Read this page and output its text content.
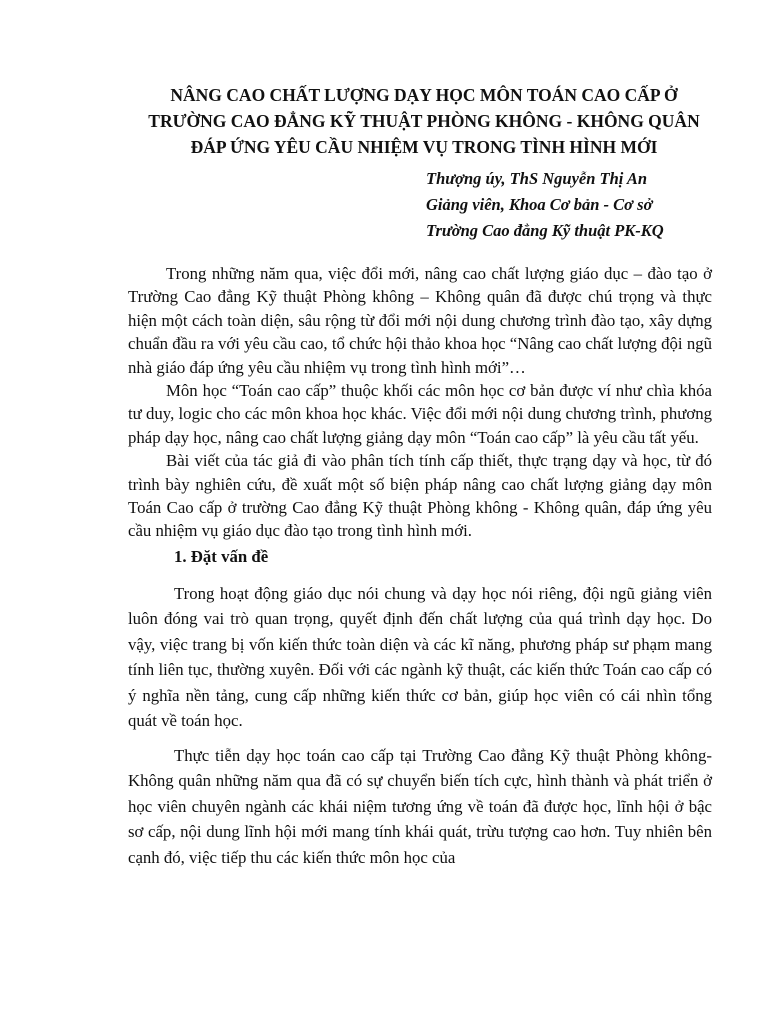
NÂNG CAO CHẤT LƯỢNG DẠY HỌC MÔN TOÁN CAO CẤP Ở
TRƯỜNG CAO ĐẲNG KỸ THUẬT PHÒNG KHÔNG - KHÔNG QUÂN
ĐÁP ỨNG YÊU CẦU NHIỆM VỤ TRONG TÌNH HÌNH MỚI
Thượng úy, ThS Nguyễn Thị An
Giảng viên, Khoa Cơ bản - Cơ sở
Trường Cao đẳng Kỹ thuật PK-KQ

Trong những năm qua, việc đổi mới, nâng cao chất lượng giáo dục – đào tạo ở Trường Cao đẳng Kỹ thuật Phòng không – Không quân đã được chú trọng và thực hiện một cách toàn diện, sâu rộng từ đổi mới nội dung chương trình đào tạo, xây dựng chuẩn đầu ra với yêu cầu cao, tổ chức hội thảo khoa học “Nâng cao chất lượng đội ngũ nhà giáo đáp ứng yêu cầu nhiệm vụ trong tình hình mới”…

Môn học “Toán cao cấp” thuộc khối các môn học cơ bản được ví như chìa khóa tư duy, logic cho các môn khoa học khác. Việc đổi mới nội dung chương trình, phương pháp dạy học, nâng cao chất lượng giảng dạy môn “Toán cao cấp” là yêu cầu tất yếu.

Bài viết của tác giả đi vào phân tích tính cấp thiết, thực trạng dạy và học, từ đó trình bày nghiên cứu, đề xuất một số biện pháp nâng cao chất lượng giảng dạy môn Toán Cao cấp ở trường Cao đẳng Kỹ thuật Phòng không - Không quân, đáp ứng yêu cầu nhiệm vụ giáo dục đào tạo trong tình hình mới.

1. Đặt vấn đề

Trong hoạt động giáo dục nói chung và dạy học nói riêng, đội ngũ giảng viên luôn đóng vai trò quan trọng, quyết định đến chất lượng của quá trình dạy học. Do vậy, việc trang bị vốn kiến thức toàn diện và các kĩ năng, phương pháp sư phạm mang tính liên tục, thường xuyên. Đối với các ngành kỹ thuật, các kiến thức Toán cao cấp có ý nghĩa nền tảng, cung cấp những kiến thức cơ bản, giúp học viên có cái nhìn tổng quát về toán học.

Thực tiễn dạy học toán cao cấp tại Trường Cao đẳng Kỹ thuật Phòng không- Không quân những năm qua đã có sự chuyển biến tích cực, hình thành và phát triển ở học viên chuyên ngành các khái niệm tương ứng về toán đã được học, lĩnh hội ở bậc sơ cấp, nội dung lĩnh hội mới mang tính khái quát, trừu tượng cao hơn. Tuy nhiên bên cạnh đó, việc tiếp thu các kiến thức môn học của
